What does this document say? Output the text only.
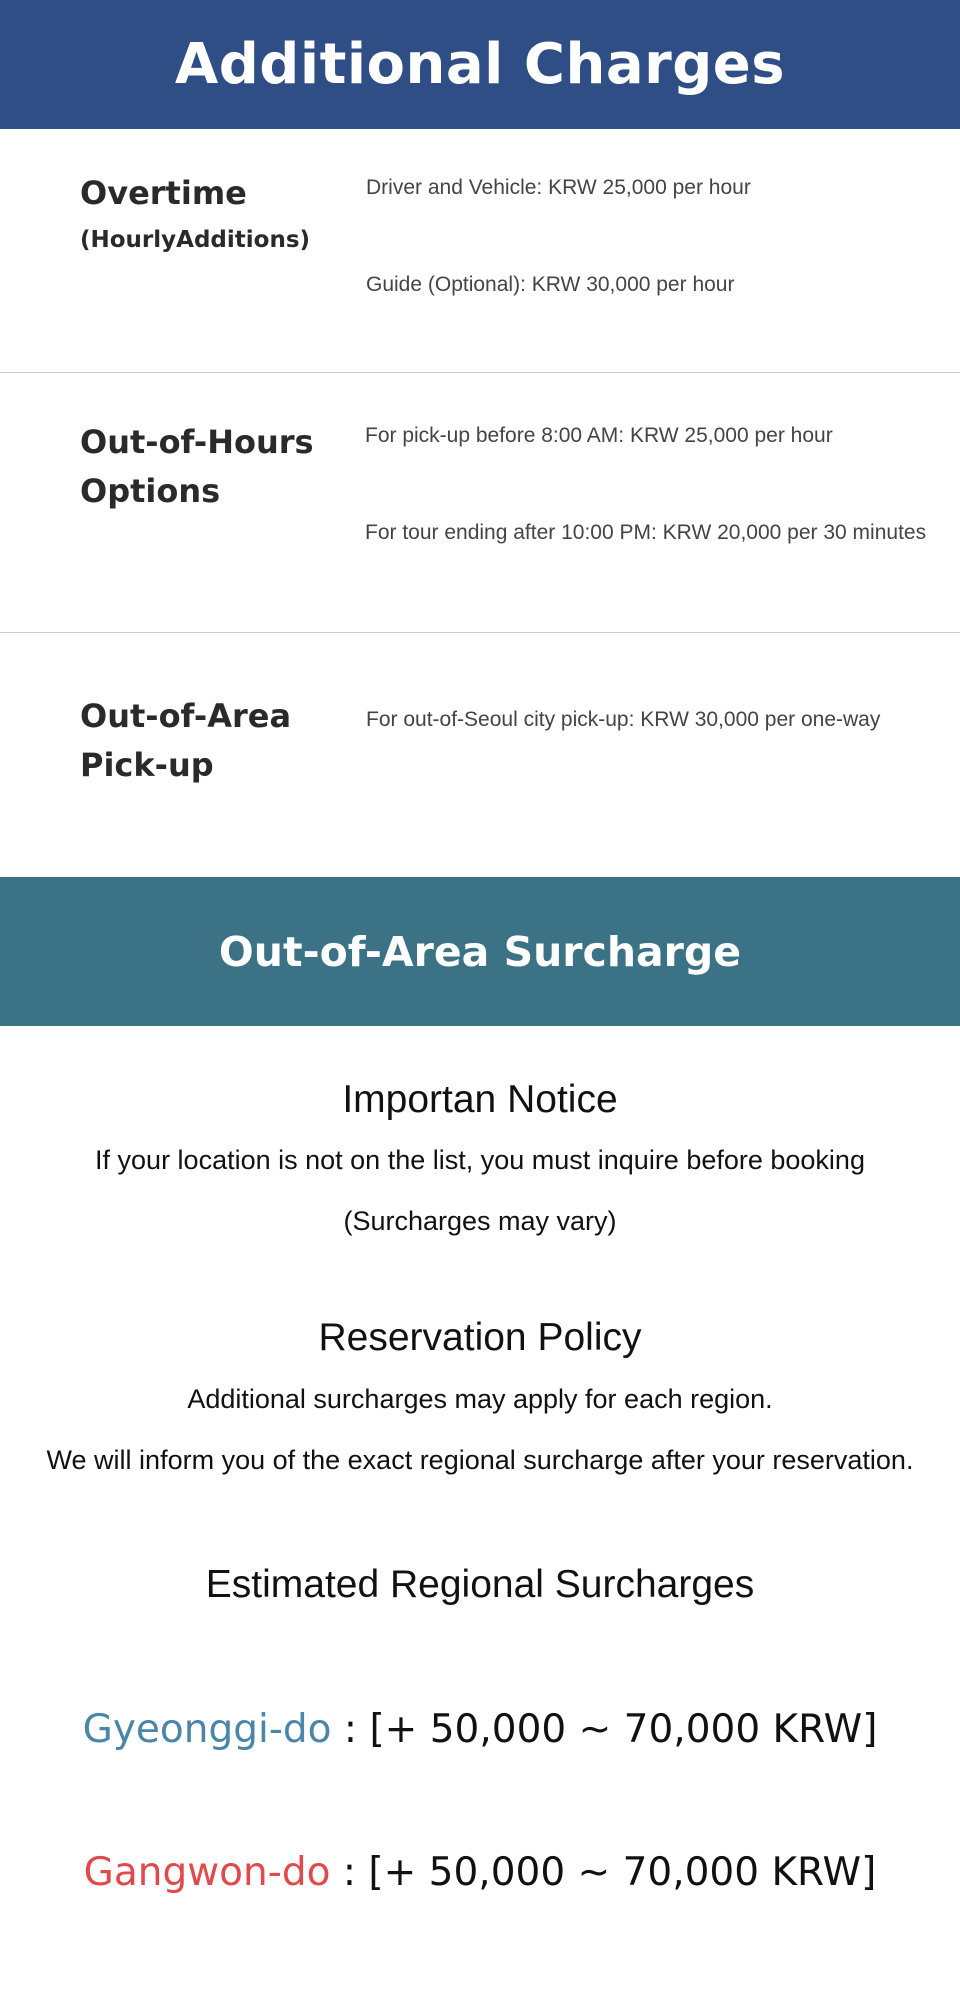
Additional Charges
Overtime
(HourlyAdditions)
Driver and Vehicle: KRW 25,000 per hour
Guide (Optional): KRW 30,000 per hour
Out-of-Hours
Options
For pick-up before 8:00 AM: KRW 25,000 per hour
For tour ending after 10:00 PM: KRW 20,000 per 30 minutes
Out-of-Area
Pick-up
For out-of-Seoul city pick-up: KRW 30,000 per one-way
Out-of-Area Surcharge
Importan Notice

If your location is not on the list, you must inquire before booking

(Surcharges may vary)

Reservation Policy

Additional surcharges may apply for each region.

We will inform you of the exact regional surcharge after your reservation.

Estimated Regional Surcharges
Gyeonggi-do : [+ 50,000 ~ 70,000 KRW]
Gangwon-do : [+ 50,000 ~ 70,000 KRW]
